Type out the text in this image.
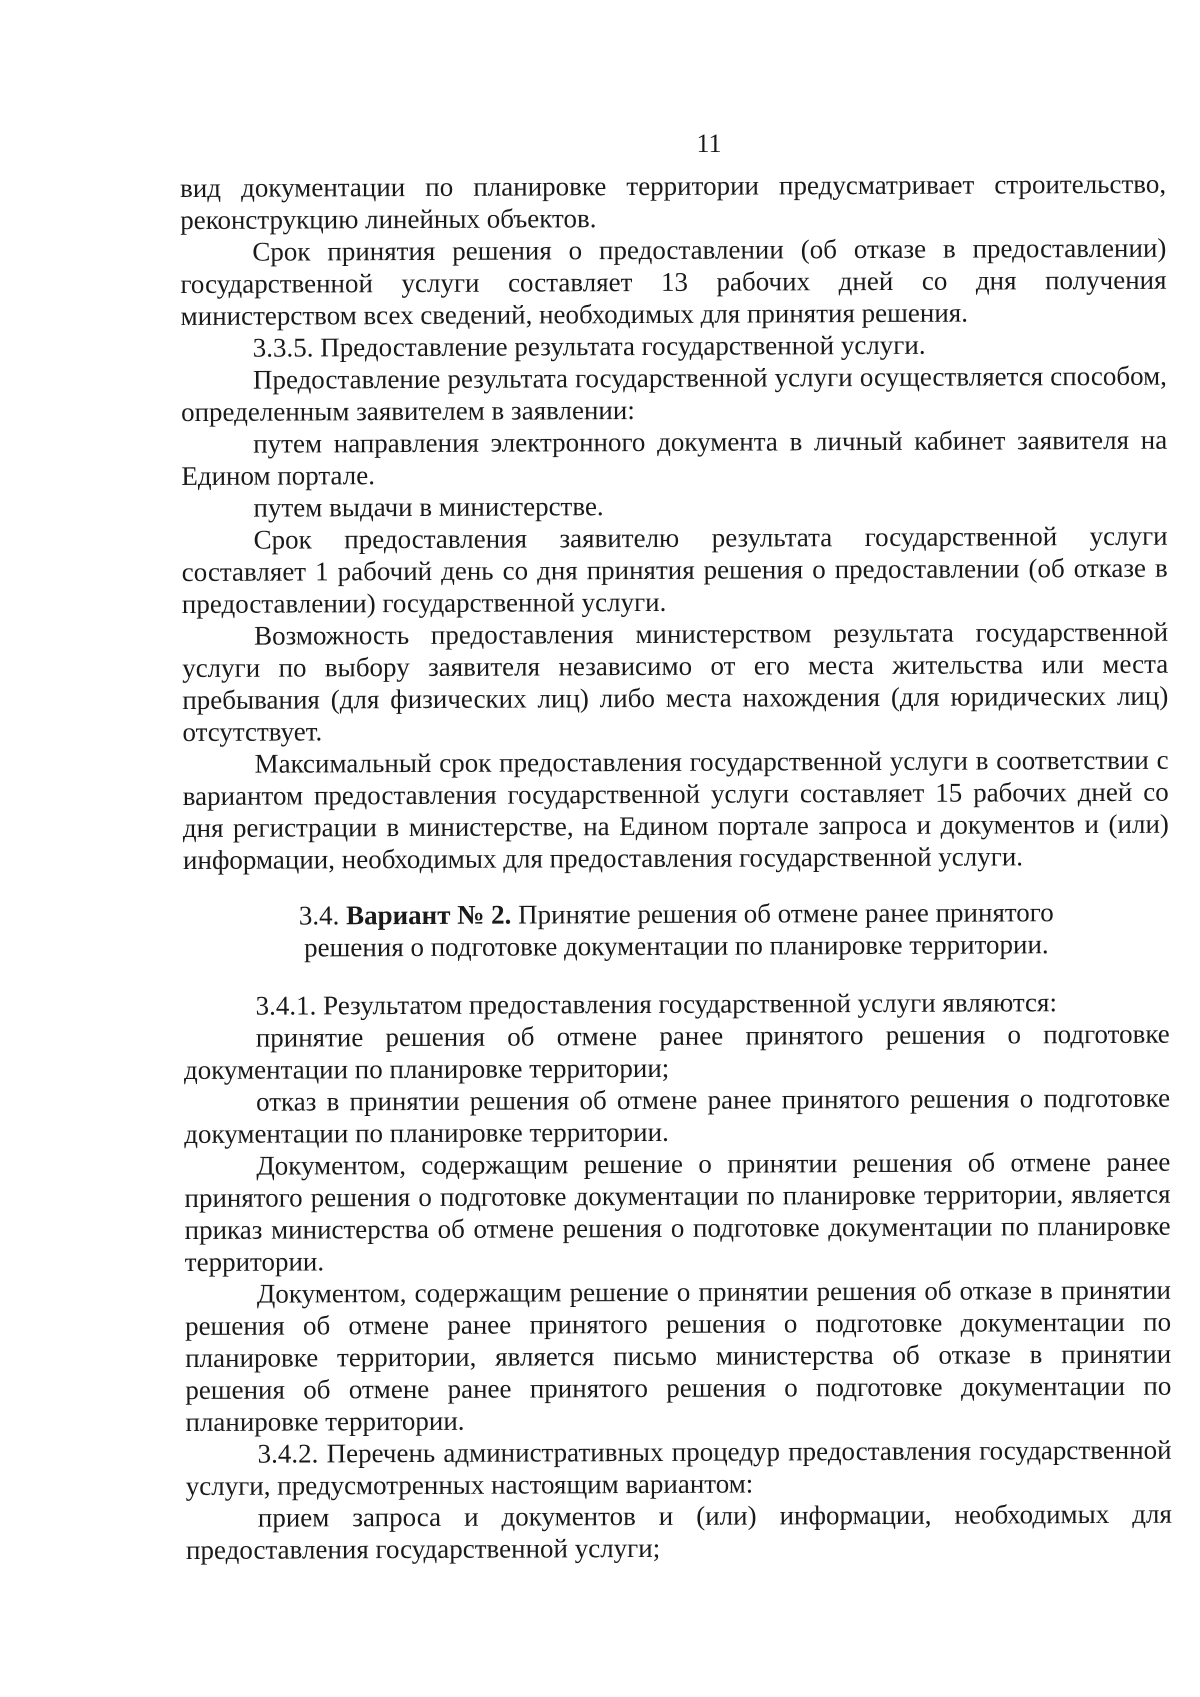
11

вид документации по планировке территории предусматривает строительство, реконструкцию линейных объектов.

Срок принятия решения о предоставлении (об отказе в предоставлении) государственной услуги составляет 13 рабочих дней со дня получения министерством всех сведений, необходимых для принятия решения.

3.3.5. Предоставление результата государственной услуги.

Предоставление результата государственной услуги осуществляется способом, определенным заявителем в заявлении:

путем направления электронного документа в личный кабинет заявителя на Едином портале.

путем выдачи в министерстве.

Срок предоставления заявителю результата государственной услуги составляет 1 рабочий день со дня принятия решения о предоставлении (об отказе в предоставлении) государственной услуги.

Возможность предоставления министерством результата государственной услуги по выбору заявителя независимо от его места жительства или места пребывания (для физических лиц) либо места нахождения (для юридических лиц) отсутствует.

Максимальный срок предоставления государственной услуги в соответствии с вариантом предоставления государственной услуги составляет 15 рабочих дней со дня регистрации в министерстве, на Едином портале запроса и документов и (или) информации, необходимых для предоставления государственной услуги.

3.4. Вариант № 2. Принятие решения об отмене ранее принятого решения о подготовке документации по планировке территории.

3.4.1. Результатом предоставления государственной услуги являются:

принятие решения об отмене ранее принятого решения о подготовке документации по планировке территории;

отказ в принятии решения об отмене ранее принятого решения о подготовке документации по планировке территории.

Документом, содержащим решение о принятии решения об отмене ранее принятого решения о подготовке документации по планировке территории, является приказ министерства об отмене решения о подготовке документации по планировке территории.

Документом, содержащим решение о принятии решения об отказе в принятии решения об отмене ранее принятого решения о подготовке документации по планировке территории, является письмо министерства об отказе в принятии решения об отмене ранее принятого решения о подготовке документации по планировке территории.

3.4.2. Перечень административных процедур предоставления государственной услуги, предусмотренных настоящим вариантом:

прием запроса и документов и (или) информации, необходимых для предоставления государственной услуги;
